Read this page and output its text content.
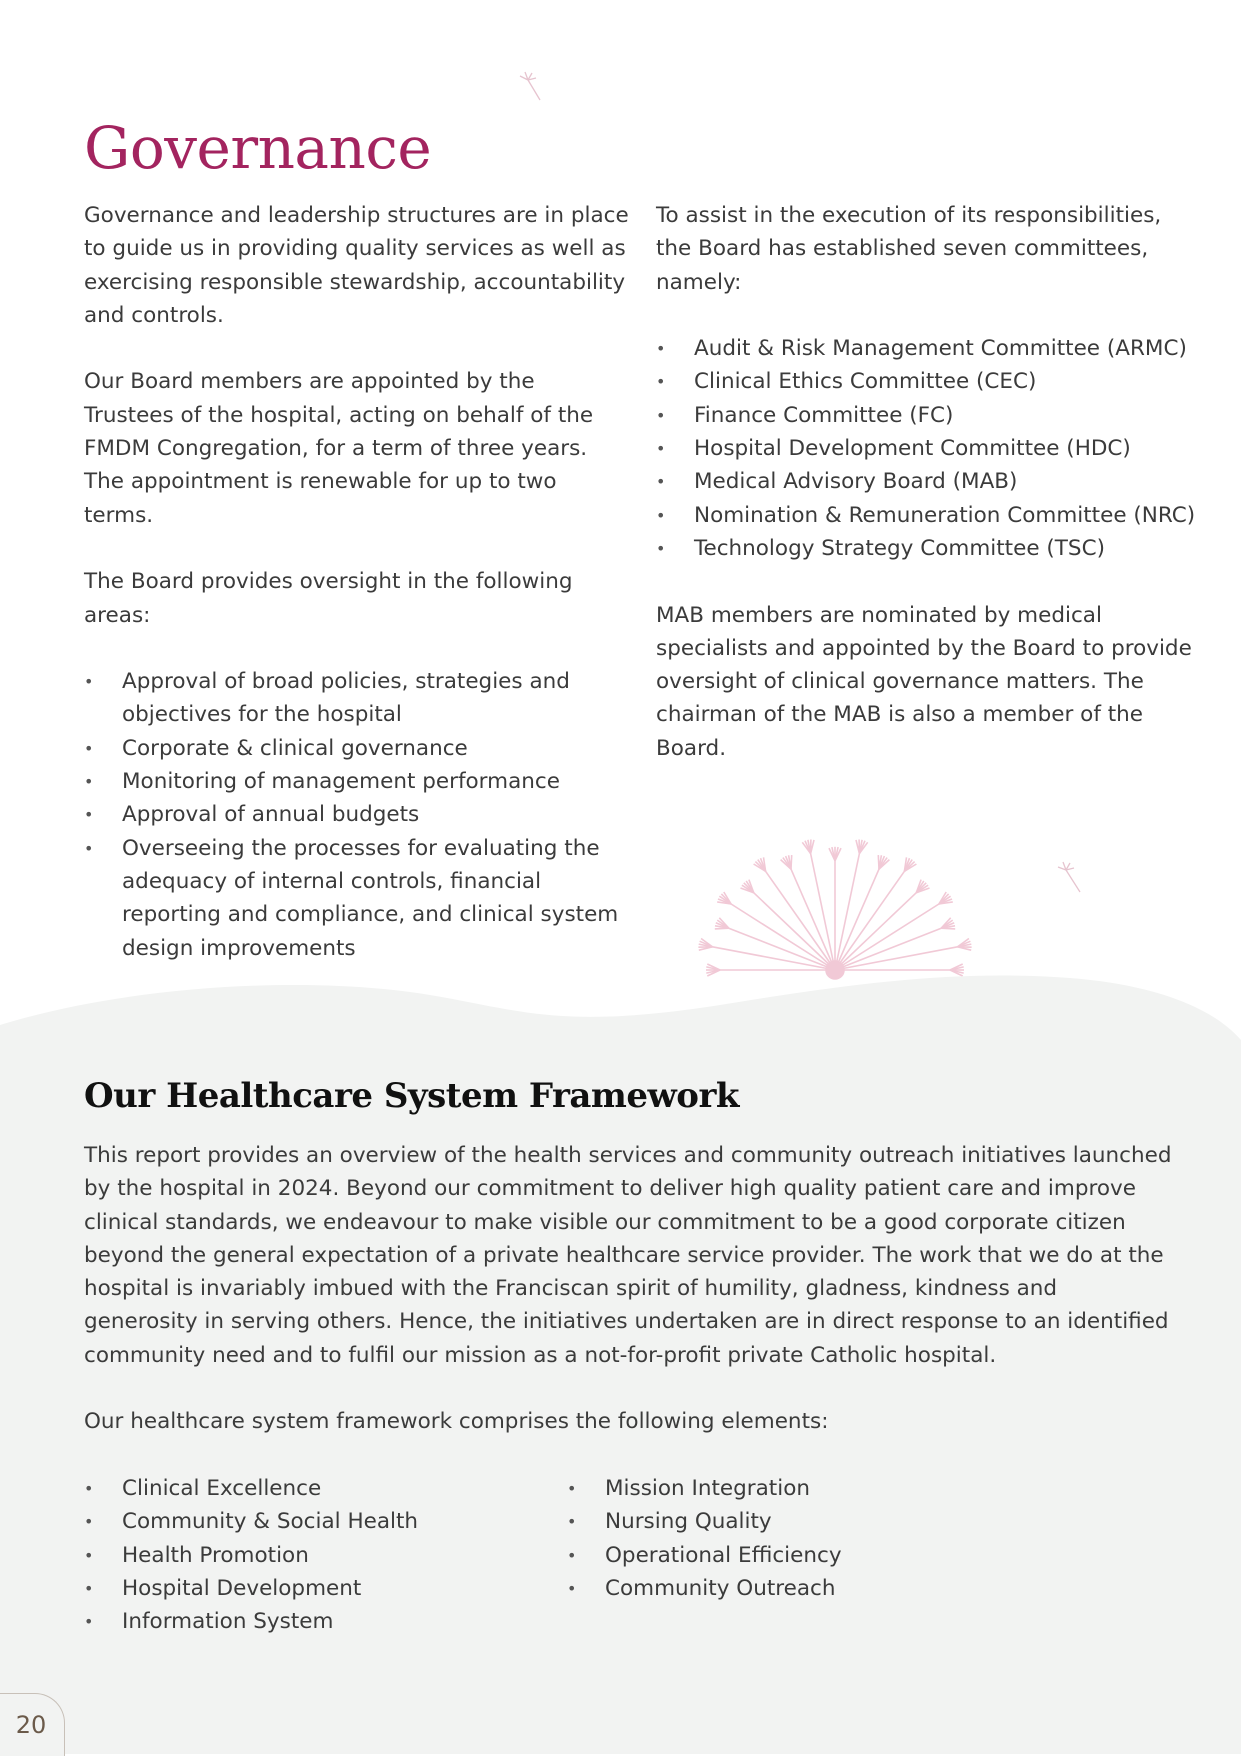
Governance

Governance and leadership structures are in place to guide us in providing quality services as well as exercising responsible stewardship, accountability and controls.

Our Board members are appointed by the Trustees of the hospital, acting on behalf of the FMDM Congregation, for a term of three years. The appointment is renewable for up to two terms.

The Board provides oversight in the following areas:

• Approval of broad policies, strategies and objectives for the hospital
• Corporate & clinical governance
• Monitoring of management performance
• Approval of annual budgets
• Overseeing the processes for evaluating the adequacy of internal controls, financial reporting and compliance, and clinical system design improvements

To assist in the execution of its responsibilities, the Board has established seven committees, namely:

• Audit & Risk Management Committee (ARMC)
• Clinical Ethics Committee (CEC)
• Finance Committee (FC)
• Hospital Development Committee (HDC)
• Medical Advisory Board (MAB)
• Nomination & Remuneration Committee (NRC)
• Technology Strategy Committee (TSC)

MAB members are nominated by medical specialists and appointed by the Board to provide oversight of clinical governance matters. The chairman of the MAB is also a member of the Board.

Our Healthcare System Framework

This report provides an overview of the health services and community outreach initiatives launched by the hospital in 2024. Beyond our commitment to deliver high quality patient care and improve clinical standards, we endeavour to make visible our commitment to be a good corporate citizen beyond the general expectation of a private healthcare service provider. The work that we do at the hospital is invariably imbued with the Franciscan spirit of humility, gladness, kindness and generosity in serving others. Hence, the initiatives undertaken are in direct response to an identified community need and to fulfil our mission as a not-for-profit private Catholic hospital.

Our healthcare system framework comprises the following elements:

• Clinical Excellence
• Community & Social Health
• Health Promotion
• Hospital Development
• Information System
• Mission Integration
• Nursing Quality
• Operational Efficiency
• Community Outreach
20
